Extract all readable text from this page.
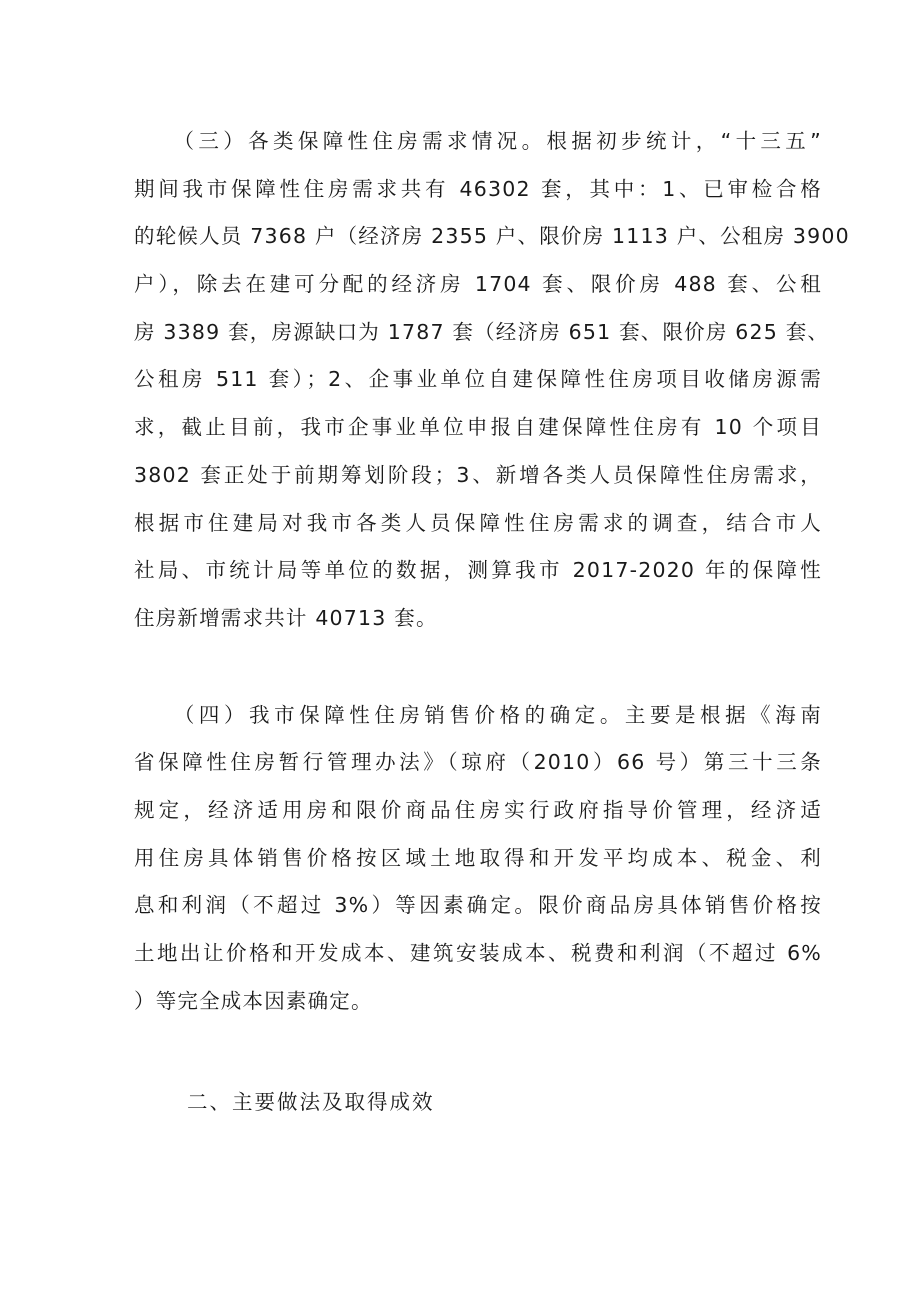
　　（三）各类保障性住房需求情况。根据初步统计，“十三五”
期间我市保障性住房需求共有 46302 套，其中：1、已审检合格
的轮候人员 7368 户（经济房 2355 户、限价房 1113 户、公租房 3900
户），除去在建可分配的经济房 1704 套、限价房 488 套、公租
房 3389 套，房源缺口为 1787 套（经济房 651 套、限价房 625 套、
公租房 511 套）；2、企事业单位自建保障性住房项目收储房源需
求，截止目前，我市企事业单位申报自建保障性住房有 10 个项目
3802 套正处于前期筹划阶段；3、新增各类人员保障性住房需求，
根据市住建局对我市各类人员保障性住房需求的调查，结合市人
社局、市统计局等单位的数据，测算我市 2017-2020 年的保障性
住房新增需求共计 40713 套。
　　（四）我市保障性住房销售价格的确定。主要是根据《海南
省保障性住房暂行管理办法》（琼府（2010）66 号）第三十三条
规定，经济适用房和限价商品住房实行政府指导价管理，经济适
用住房具体销售价格按区域土地取得和开发平均成本、税金、利
息和利润（不超过 3%）等因素确定。限价商品房具体销售价格按
土地出让价格和开发成本、建筑安装成本、税费和利润（不超过 6%
）等完全成本因素确定。
二、主要做法及取得成效
